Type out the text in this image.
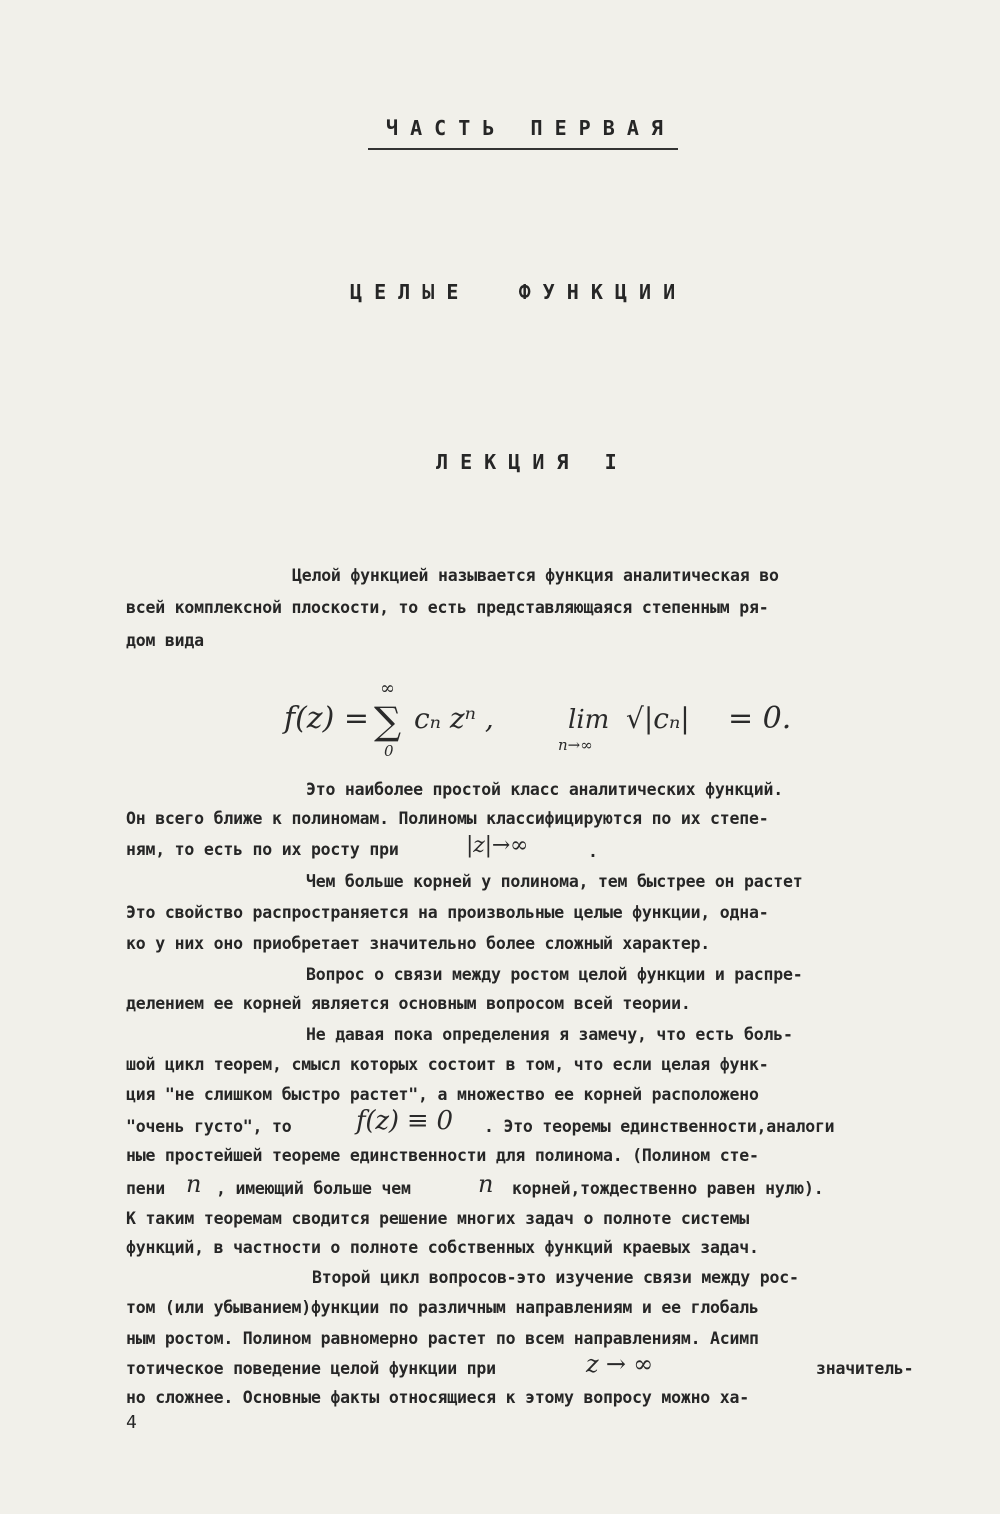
Ч А С Т Ь   П Е Р В А Я
Ц Е Л Ы Е     Ф У Н К Ц И И
Л Е К Ц И Я   I
Целой функцией называется функция аналитическая во
всей комплексной плоскости, то есть представляющаяся степенным ря-
дом вида
f(z) =
∞
∑
0
cₙ zⁿ ,	lim
n→∞
√|cₙ| = 0.
Это наиболее простой класс аналитических функций.
Он всего ближе к полиномам. Полиномы классифицируются по их степе-
ням, то есть по их росту при	|z|→∞	.
Чем больше корней у полинома, тем быстрее он растет
Это свойство распространяется на произвольные целые функции, одна-
ко у них оно приобретает значительно более сложный характер.
Вопрос о связи между ростом целой функции и распре-
делением ее корней является основным вопросом всей теории.
Не давая пока определения я замечу, что есть боль-
шой цикл теорем, смысл которых состоит в том, что если целая функ-
ция "не слишком быстро растет", а множество ее корней расположено
"очень густо", то f(z) ≡ 0 . Это теоремы единственности,аналоги
ные простейшей теореме единственности для полинома. (Полином сте-
пени n , имеющий больше чем	n корней,тождественно равен нулю).
К таким теоремам сводится решение многих задач о полноте системы
функций, в частности о полноте собственных функций краевых задач.
Второй цикл вопросов-это изучение связи между рос-
том (или убыванием)функции по различным направлениям и ее глобаль
ным ростом. Полином равномерно растет по всем направлениям. Асимп
тотическое поведение целой функции при	z → ∞	значитель-
но сложнее. Основные факты относящиеся к этому вопросу можно ха-
4
